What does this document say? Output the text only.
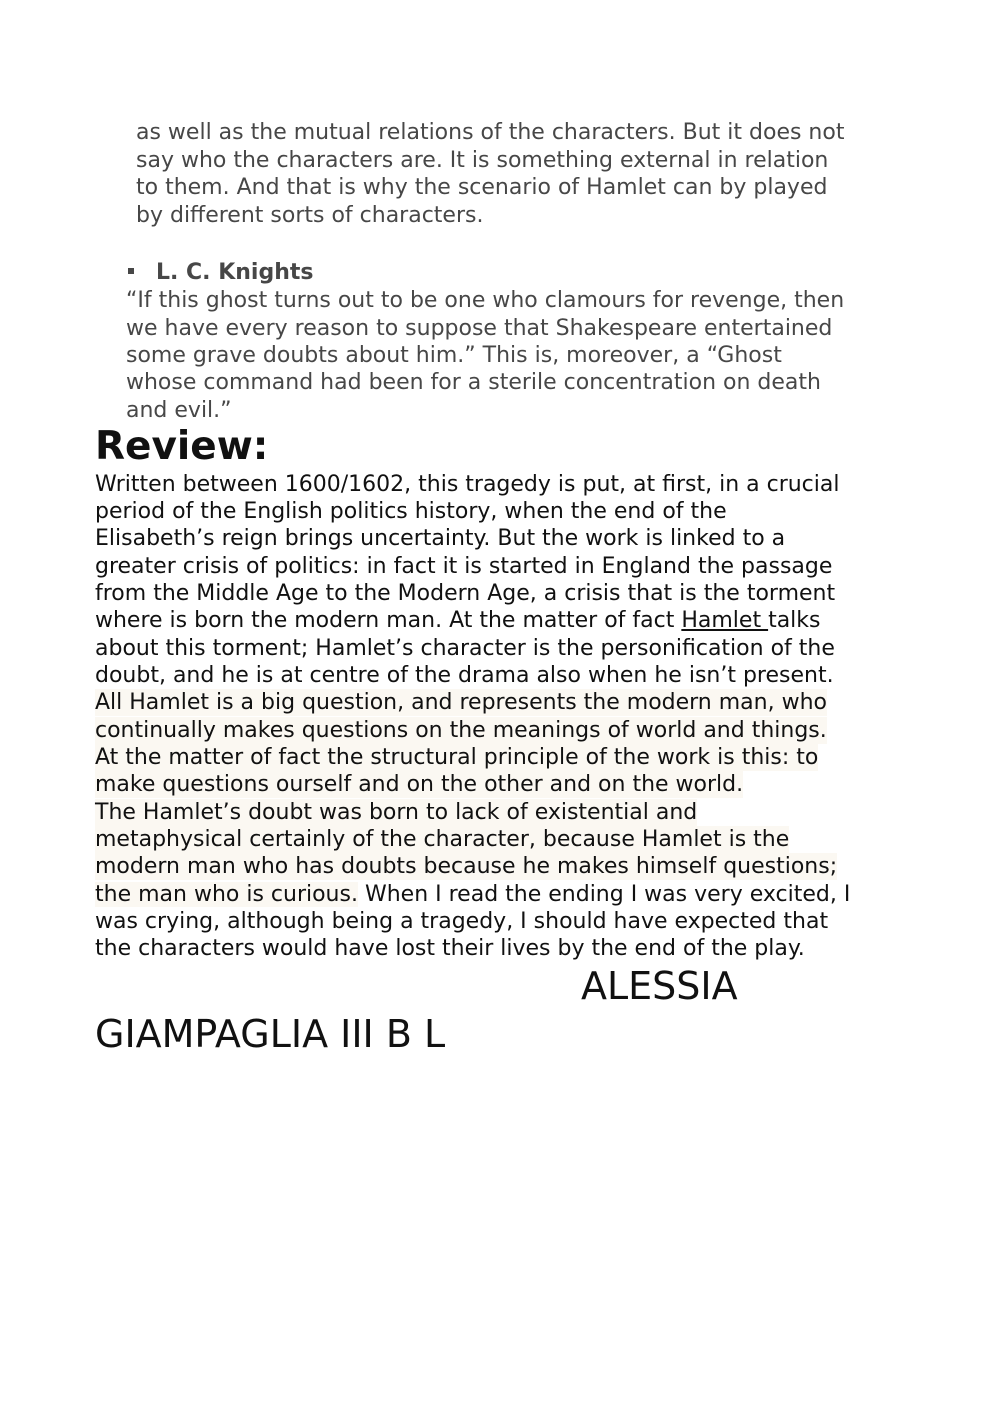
as well as the mutual relations of the characters. But it does not
say who the characters are. It is something external in relation
to them. And that is why the scenario of Hamlet can by played
by different sorts of characters.
L. C. Knights
“If this ghost turns out to be one who clamours for revenge, then
we have every reason to suppose that Shakespeare entertained
some grave doubts about him.” This is, moreover, a “Ghost
whose command had been for a sterile concentration on death
and evil.”
Review:
Written between 1600/1602, this tragedy is put, at first, in a crucial
period of the English politics history, when the end of the
Elisabeth’s reign brings uncertainty. But the work is linked to a
greater crisis of politics: in fact it is started in England the passage
from the Middle Age to the Modern Age, a crisis that is the torment
where is born the modern man. At the matter of fact Hamlet talks
about this torment; Hamlet’s character is the personification of the
doubt, and he is at centre of the drama also when he isn’t present.
All Hamlet is a big question, and represents the modern man, who
continually makes questions on the meanings of world and things.
At the matter of fact the structural principle of the work is this: to
make questions ourself and on the other and on the world.
The Hamlet’s doubt was born to lack of existential and
metaphysical certainly of the character, because Hamlet is the
modern man who has doubts because he makes himself questions;
the man who is curious. When I read the ending I was very excited, I
was crying, although being a tragedy, I should have expected that
the characters would have lost their lives by the end of the play.
ALESSIA
GIAMPAGLIA III B L
